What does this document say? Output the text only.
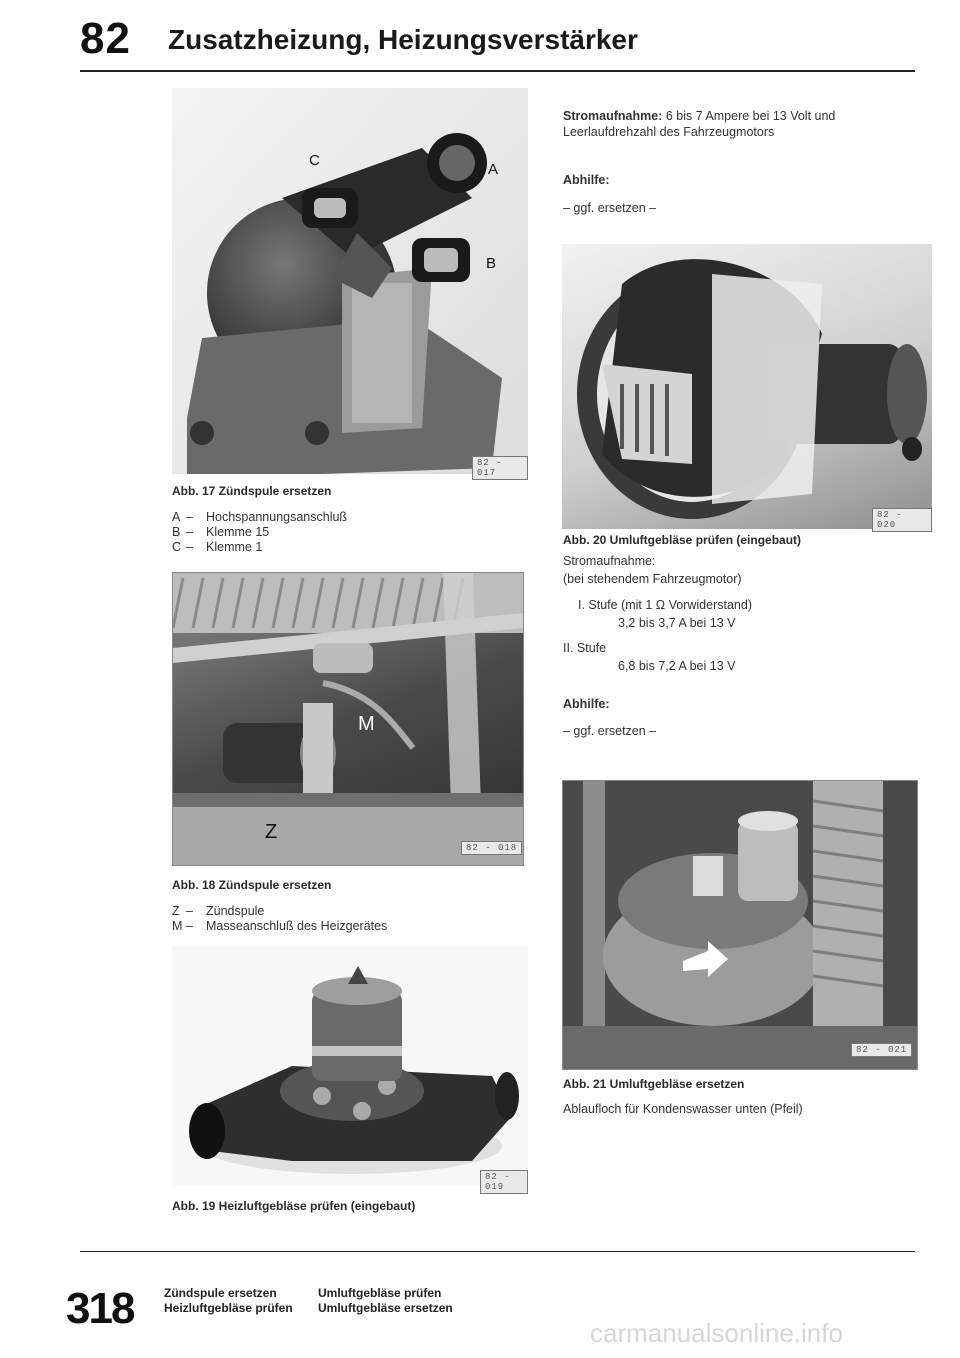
82 Zusatzheizung, Heizungsverstärker
C
A
B
82 - 017
Abb. 17 Zündspule ersetzen
A – Hochspannungsanschluß
B – Klemme 15
C – Klemme 1
M
Z
82 - 018
Abb. 18 Zündspule ersetzen
Z – Zündspule
M – Masseanschluß des Heizgerätes
82 - 019
Abb. 19 Heizluftgebläse prüfen (eingebaut)
Stromaufnahme: 6 bis 7 Ampere bei 13 Volt und
Leerlaufdrehzahl des Fahrzeugmotors
Abhilfe:
– ggf. ersetzen –
82 - 020
Abb. 20 Umluftgebläse prüfen (eingebaut)
Stromaufnahme:
(bei stehendem Fahrzeugmotor)
I. Stufe (mit 1 Ω Vorwiderstand)
3,2 bis 3,7 A bei 13 V
II. Stufe
6,8 bis 7,2 A bei 13 V
Abhilfe:
– ggf. ersetzen –
82 - 021
Abb. 21 Umluftgebläse ersetzen
Ablaufloch für Kondenswasser unten (Pfeil)
318	Zündspule ersetzen
Heizluftgebläse prüfen
Umluftgebläse prüfen
Umluftgebläse ersetzen
carmanualsonline.info
